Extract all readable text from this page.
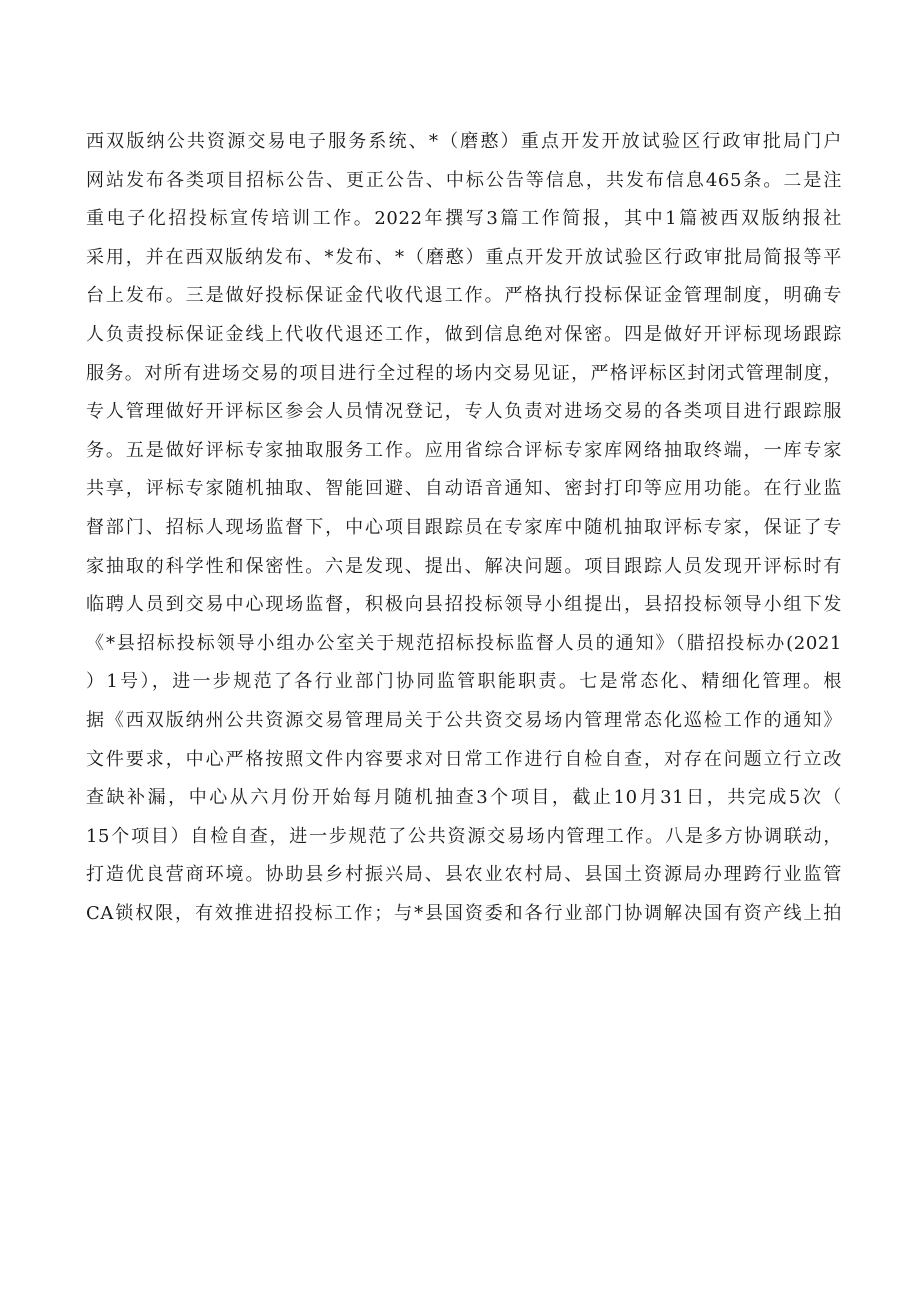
西双版纳公共资源交易电子服务系统、*（磨憨）重点开发开放试验区行政审批局门户
网站发布各类项目招标公告、更正公告、中标公告等信息，共发布信息465条。二是注
重电子化招投标宣传培训工作。2022年撰写3篇工作简报，其中1篇被西双版纳报社
采用，并在西双版纳发布、*发布、*（磨憨）重点开发开放试验区行政审批局简报等平
台上发布。三是做好投标保证金代收代退工作。严格执行投标保证金管理制度，明确专
人负责投标保证金线上代收代退还工作，做到信息绝对保密。四是做好开评标现场跟踪
服务。对所有进场交易的项目进行全过程的场内交易见证，严格评标区封闭式管理制度，
专人管理做好开评标区参会人员情况登记，专人负责对进场交易的各类项目进行跟踪服
务。五是做好评标专家抽取服务工作。应用省综合评标专家库网络抽取终端，一库专家
共享，评标专家随机抽取、智能回避、自动语音通知、密封打印等应用功能。在行业监
督部门、招标人现场监督下，中心项目跟踪员在专家库中随机抽取评标专家，保证了专
家抽取的科学性和保密性。六是发现、提出、解决问题。项目跟踪人员发现开评标时有
临聘人员到交易中心现场监督，积极向县招投标领导小组提出，县招投标领导小组下发
《*县招标投标领导小组办公室关于规范招标投标监督人员的通知》（腊招投标办(2021
）1号），进一步规范了各行业部门协同监管职能职责。七是常态化、精细化管理。根
据《西双版纳州公共资源交易管理局关于公共资交易场内管理常态化巡检工作的通知》
文件要求，中心严格按照文件内容要求对日常工作进行自检自查，对存在问题立行立改
查缺补漏，中心从六月份开始每月随机抽查3个项目，截止10月31日，共完成5次（
15个项目）自检自查，进一步规范了公共资源交易场内管理工作。八是多方协调联动，
打造优良营商环境。协助县乡村振兴局、县农业农村局、县国土资源局办理跨行业监管
CA锁权限，有效推进招投标工作；与*县国资委和各行业部门协调解决国有资产线上拍
